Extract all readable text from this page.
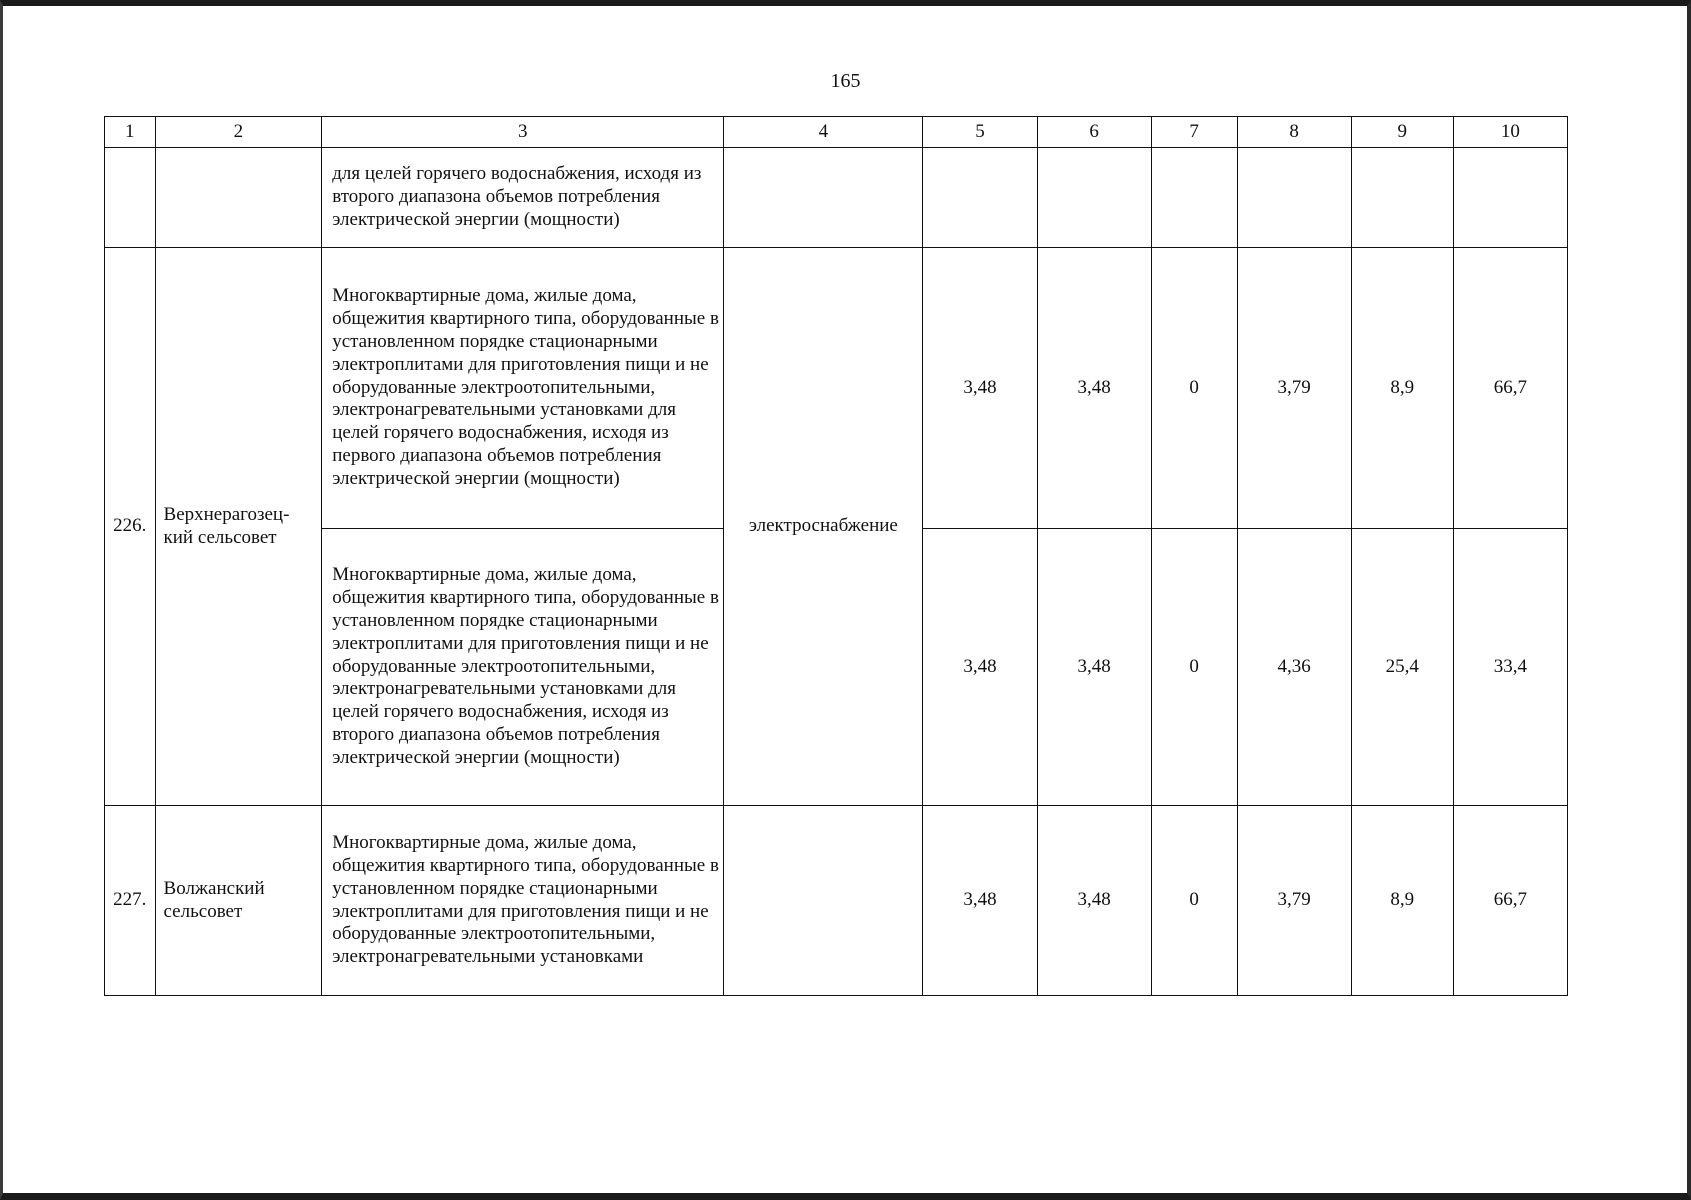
165
1	2	3	4	5	6	7	8	9	10
		для целей горячего водоснабжения, исходя из второго диапазона объемов потребления электрической энергии (мощности)							
226.	Верхнерагозец-кий сельсовет	Многоквартирные дома, жилые дома, общежития квартирного типа, оборудованные в установленном порядке стационарными электроплитами для приготовления пищи и не оборудованные электроотопительными, электронагревательными установками для целей горячего водоснабжения, исходя из первого диапазона объемов потребления электрической энергии (мощности)	электроснабжение	3,48	3,48	0	3,79	8,9	66,7
		Многоквартирные дома, жилые дома, общежития квартирного типа, оборудованные в установленном порядке стационарными электроплитами для приготовления пищи и не оборудованные электроотопительными, электронагревательными установками для целей горячего водоснабжения, исходя из второго диапазона объемов потребления электрической энергии (мощности)		3,48	3,48	0	4,36	25,4	33,4
227.	Волжанский сельсовет	Многоквартирные дома, жилые дома, общежития квартирного типа, оборудованные в установленном порядке стационарными электроплитами для приготовления пищи и не оборудованные электроотопительными, электронагревательными установками		3,48	3,48	0	3,79	8,9	66,7
